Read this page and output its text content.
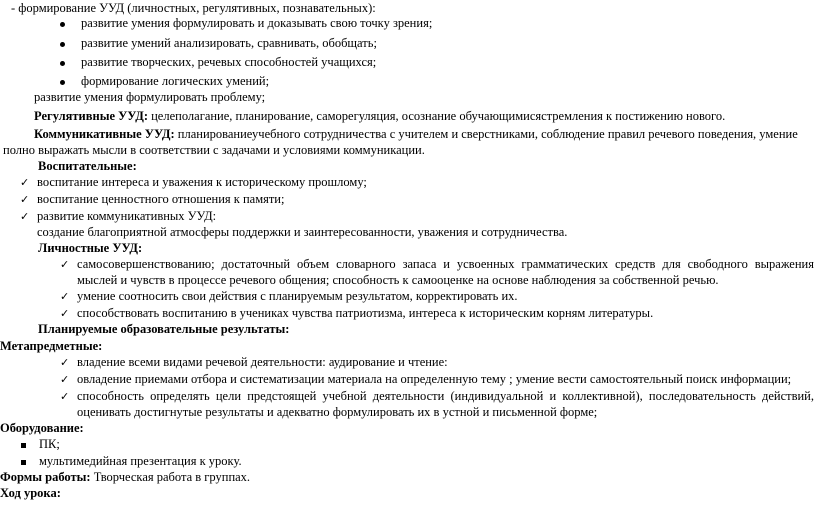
- формирование УУД (личностных, регулятивных, познавательных):
развитие умения формулировать и доказывать свою точку зрения;
развитие умений анализировать, сравнивать, обобщать;
развитие творческих, речевых способностей учащихся;
формирование логических умений;
развитие умения формулировать проблему;
Регулятивные УУД: целеполагание, планирование, саморегуляция, осознание обучающимисястремления к постижению нового.
Коммуникативные УУД: планированиеучебного сотрудничества с учителем и сверстниками, соблюдение правил речевого поведения, умение
полно выражать мысли в соответствии с задачами и условиями коммуникации.
Воспитательные:
✓ воспитание интереса и уважения к историческому прошлому;
✓ воспитание ценностного отношения к памяти;
✓ развитие коммуникативных УУД:
создание благоприятной атмосферы поддержки и заинтересованности, уважения и сотрудничества.
Личностные УУД:
✓ самосовершенствованию; достаточный объем словарного запаса и усвоенных грамматических средств для свободного выражения
мыслей и чувств в процессе речевого общения; способность к самооценке на основе наблюдения за собственной речью.
✓ умение соотносить свои действия с планируемым результатом, корректировать их.
✓ способствовать воспитанию в учениках чувства патриотизма, интереса к историческим корням литературы.
Планируемые образовательные результаты:
Метапредметные:
✓ владение всеми видами речевой деятельности: аудирование и чтение:
✓ овладение приемами отбора и систематизации материала на определенную тему ; умение вести самостоятельный поиск информации;
✓ способность определять цели предстоящей учебной деятельности (индивидуальной и коллективной), последовательность действий,
оценивать достигнутые результаты и адекватно формулировать их в устной и письменной форме;
Оборудование:
ПК;
мультимедийная презентация к уроку.
Формы работы: Творческая работа в группах.
Ход урока:
